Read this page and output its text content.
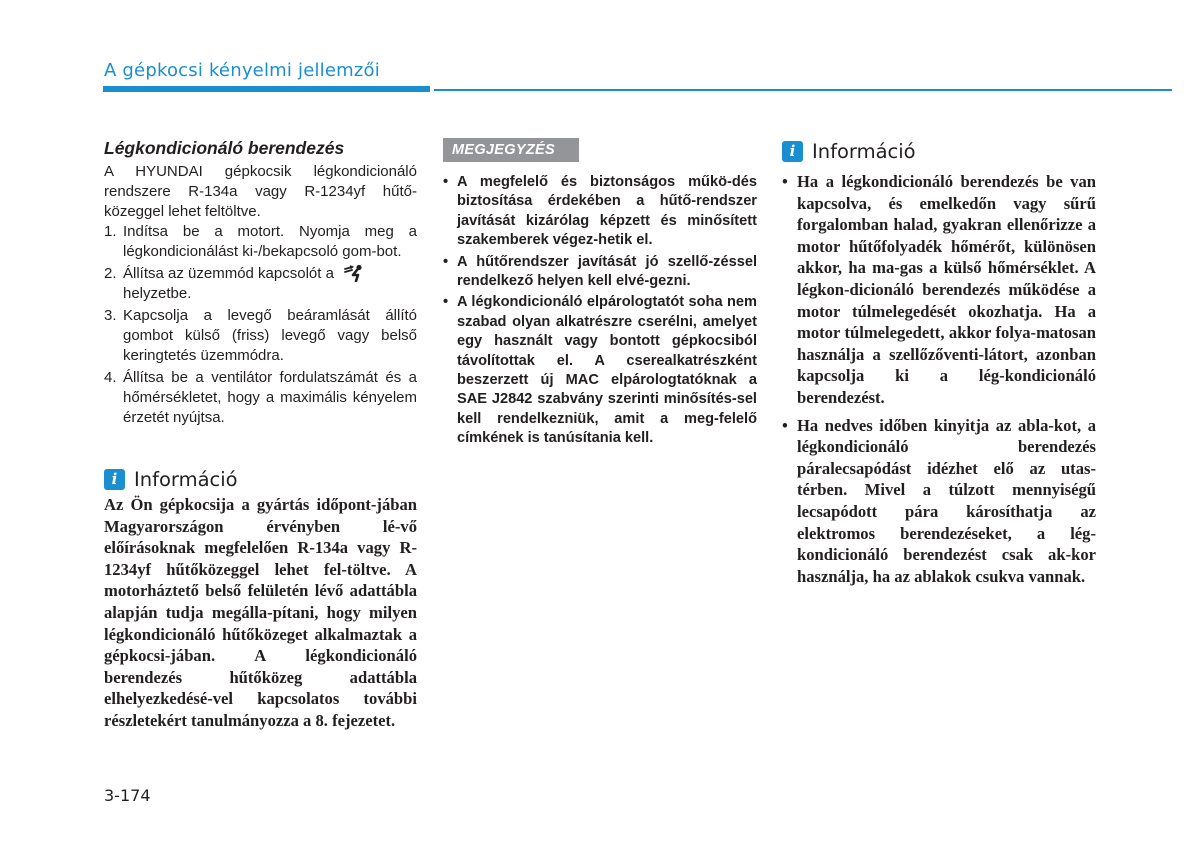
A gépkocsi kényelmi jellemzői
Légkondicionáló berendezés
A HYUNDAI gépkocsik légkondicionáló rendszere R-134a vagy R-1234yf hűtő-közeggel lehet feltöltve.
1. Indítsa be a motort. Nyomja meg a légkondicionálást ki-/bekapcsoló gom-bot.
2. Állítsa az üzemmód kapcsolót a
helyzetbe.
3. Kapcsolja a levegő beáramlását állító gombot külső (friss) levegő vagy belső keringtetés üzemmódra.
4. Állítsa be a ventilátor fordulatszámát és a hőmérsékletet, hogy a maximális kényelem érzetét nyújtsa.
i Információ
Az Ön gépkocsija a gyártás időpont-jában Magyarországon érvényben lé-vő előírásoknak megfelelően R-134a vagy R-1234yf hűtőközeggel lehet fel-töltve. A motorháztető belső felületén lévő adattábla alapján tudja megálla-pítani, hogy milyen légkondicionáló hűtőközeget alkalmaztak a gépkocsi-jában. A légkondicionáló berendezés hűtőközeg adattábla elhelyezkedésé-vel kapcsolatos további részletekért tanulmányozza a 8. fejezetet.
MEGJEGYZÉS
• A megfelelő és biztonságos műkö-dés biztosítása érdekében a hűtő-rendszer javítását kizárólag képzett és minősített szakemberek végez-hetik el.
• A hűtőrendszer javítását jó szellő-zéssel rendelkező helyen kell elvé-gezni.
• A légkondicionáló elpárologtatót soha nem szabad olyan alkatrészre cserélni, amelyet egy használt vagy bontott gépkocsiból távolítottak el. A cserealkatrészként beszerzett új MAC elpárologtatóknak a SAE J2842 szabvány szerinti minősítés-sel kell rendelkezniük, amit a meg-felelő címkének is tanúsítania kell.
i Információ
• Ha a légkondicionáló berendezés be van kapcsolva, és emelkedőn vagy sűrű forgalomban halad, gyakran ellenőrizze a motor hűtőfolyadék hőmérőt, különösen akkor, ha ma-gas a külső hőmérséklet. A légkon-dicionáló berendezés működése a motor túlmelegedését okozhatja. Ha a motor túlmelegedett, akkor folya-matosan használja a szellőzőventi-látort, azonban kapcsolja ki a lég-kondicionáló berendezést.
• Ha nedves időben kinyitja az abla-kot, a légkondicionáló berendezés páralecsapódást idézhet elő az utas-térben. Mivel a túlzott mennyiségű lecsapódott pára károsíthatja az elektromos berendezéseket, a lég-kondicionáló berendezést csak ak-kor használja, ha az ablakok csukva vannak.
3-174
